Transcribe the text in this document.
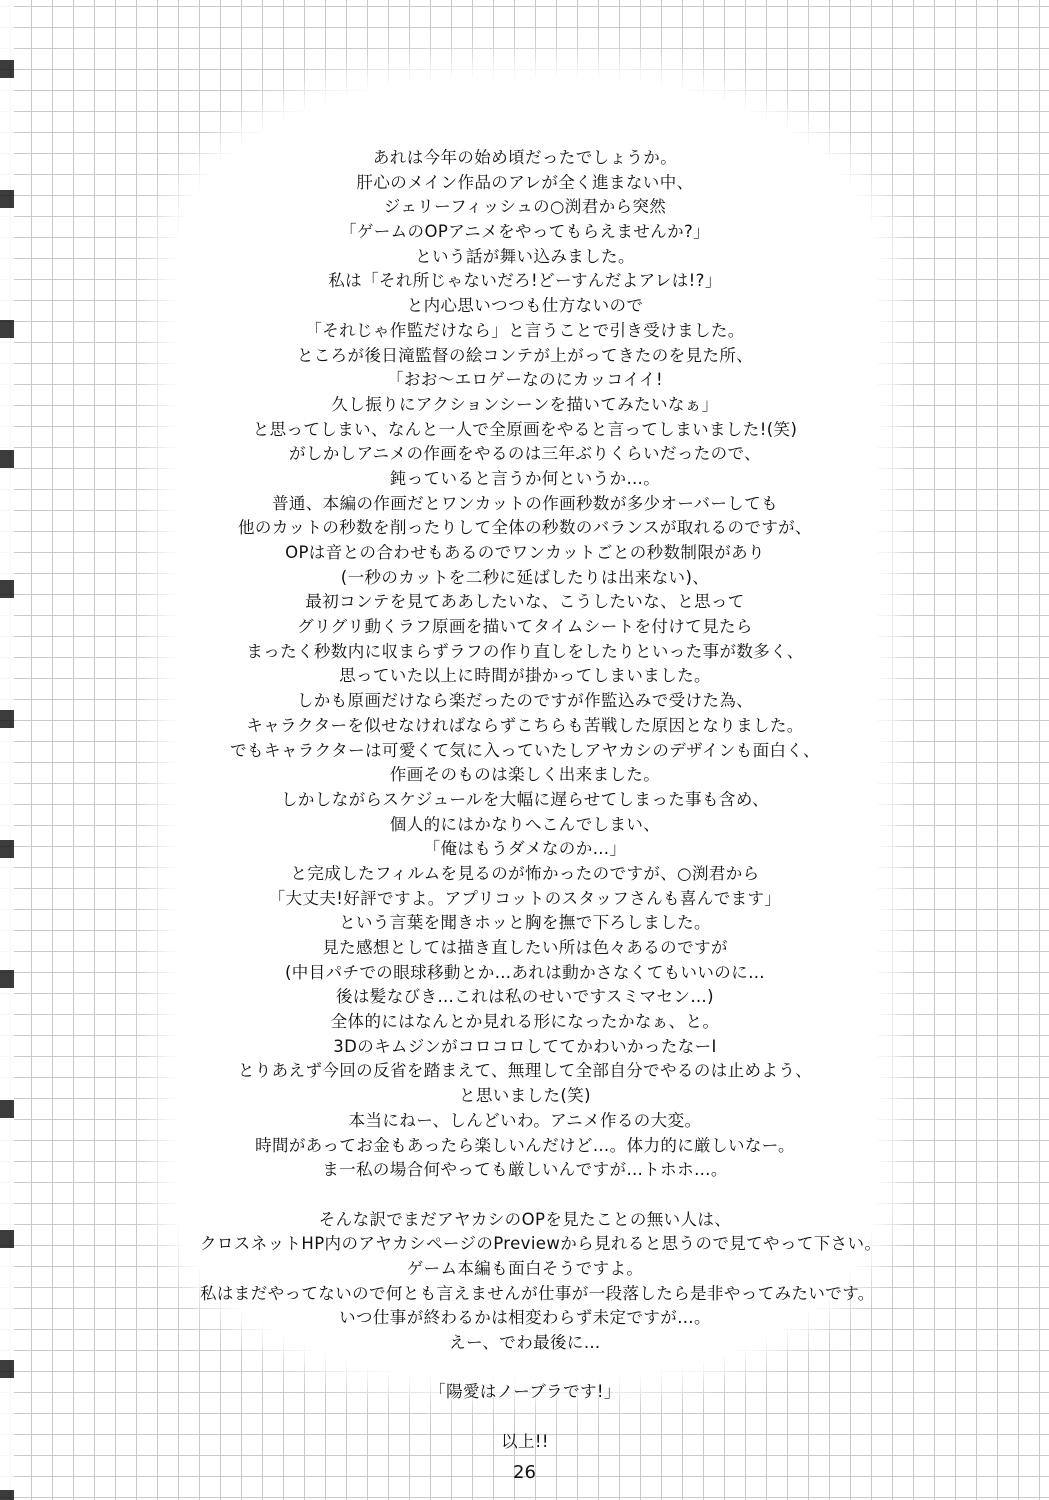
あれは今年の始め頃だったでしょうか。
肝心のメイン作品のアレが全く進まない中、
ジェリーフィッシュの○渕君から突然
「ゲームのOPアニメをやってもらえませんか?」
という話が舞い込みました。
私は「それ所じゃないだろ!どーすんだよアレは!?」
と内心思いつつも仕方ないので
「それじゃ作監だけなら」と言うことで引き受けました。
ところが後日滝監督の絵コンテが上がってきたのを見た所、
「おお〜エロゲーなのにカッコイイ!
久し振りにアクションシーンを描いてみたいなぁ」
と思ってしまい、なんと一人で全原画をやると言ってしまいました!(笑)
がしかしアニメの作画をやるのは三年ぶりくらいだったので、
鈍っていると言うか何というか…。
普通、本編の作画だとワンカットの作画秒数が多少オーバーしても
他のカットの秒数を削ったりして全体の秒数のバランスが取れるのですが、
OPは音との合わせもあるのでワンカットごとの秒数制限があり
(一秒のカットを二秒に延ばしたりは出来ない)、
最初コンテを見てああしたいな、こうしたいな、と思って
グリグリ動くラフ原画を描いてタイムシートを付けて見たら
まったく秒数内に収まらずラフの作り直しをしたりといった事が数多く、
思っていた以上に時間が掛かってしまいました。
しかも原画だけなら楽だったのですが作監込みで受けた為、
キャラクターを似せなければならずこちらも苦戦した原因となりました。
でもキャラクターは可愛くて気に入っていたしアヤカシのデザインも面白く、
作画そのものは楽しく出来ました。
しかしながらスケジュールを大幅に遅らせてしまった事も含め、
個人的にはかなりへこんでしまい、
「俺はもうダメなのか…」
と完成したフィルムを見るのが怖かったのですが、○渕君から
「大丈夫!好評ですよ。アプリコットのスタッフさんも喜んでます」
という言葉を聞きホッと胸を撫で下ろしました。
見た感想としては描き直したい所は色々あるのですが
(中目パチでの眼球移動とか…あれは動かさなくてもいいのに…
後は髪なびき…これは私のせいですスミマセン…)
全体的にはなんとか見れる形になったかなぁ、と。
3DのキムジンがコロコロしててかわいかったなーI
とりあえず今回の反省を踏まえて、無理して全部自分でやるのは止めよう、
と思いました(笑)
本当にねー、しんどいわ。アニメ作るの大変。
時間があってお金もあったら楽しいんだけど…。体力的に厳しいなー。
ま一私の場合何やっても厳しいんですが…トホホ…。
そんな訳でまだアヤカシのOPを見たことの無い人は、
クロスネットHP内のアヤカシページのPreviewから見れると思うので見てやって下さい。
ゲーム本編も面白そうですよ。
私はまだやってないので何とも言えませんが仕事が一段落したら是非やってみたいです。
いつ仕事が終わるかは相変わらず未定ですが…。
えー、でわ最後に…
「陽愛はノーブラです!」
以上!!
26
